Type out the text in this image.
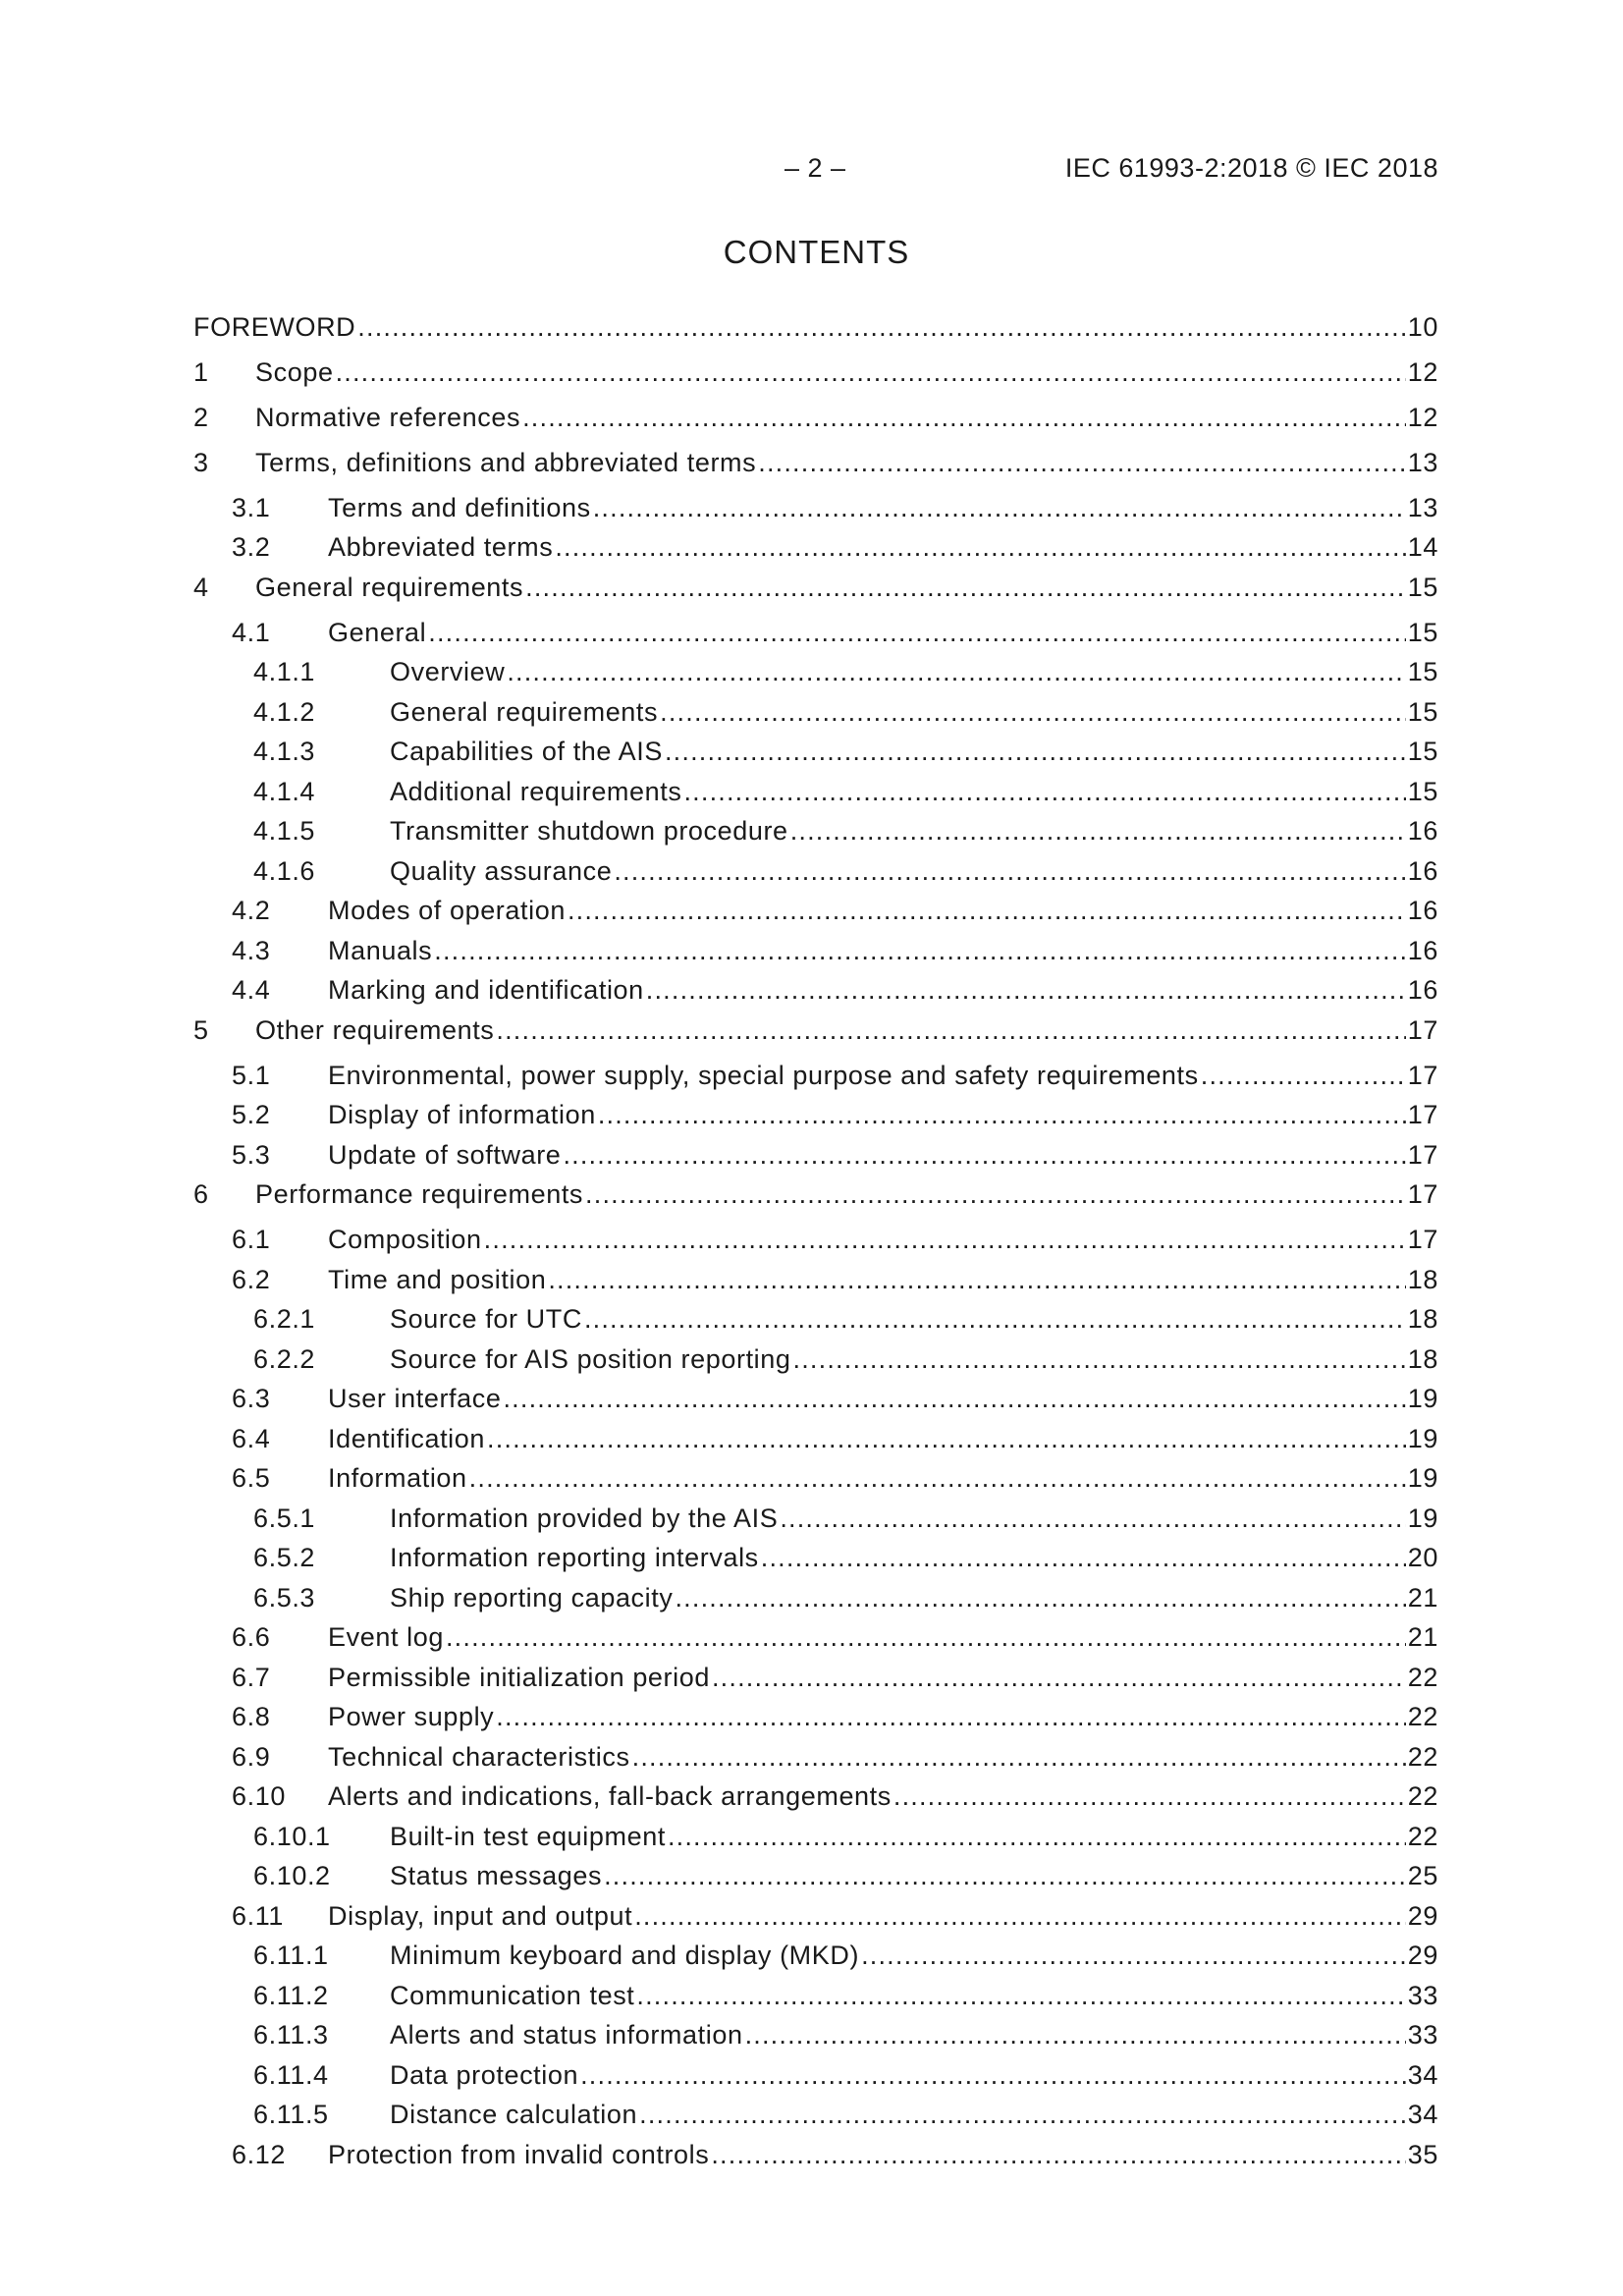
– 2 –	IEC 61993-2:2018 © IEC 2018
CONTENTS
FOREWORD .....	10
1 Scope .....	12
2 Normative references .....	12
3 Terms, definitions and abbreviated terms .....	13
3.1 Terms and definitions .....	13
3.2 Abbreviated terms .....	14
4 General requirements .....	15
4.1 General .....	15
4.1.1	Overview .....	15
4.1.2	General requirements .....	15
4.1.3	Capabilities of the AIS .....	15
4.1.4	Additional requirements .....	15
4.1.5	Transmitter shutdown procedure .....	16
4.1.6	Quality assurance .....	16
4.2 Modes of operation .....	16
4.3 Manuals .....	16
4.4 Marking and identification .....	16
5 Other requirements .....	17
5.1 Environmental, power supply, special purpose and safety requirements .....	17
5.2 Display of information .....	17
5.3 Update of software .....	17
6 Performance requirements .....	17
6.1 Composition .....	17
6.2 Time and position .....	18
6.2.1	Source for UTC .....	18
6.2.2	Source for AIS position reporting .....	18
6.3 User interface .....	19
6.4 Identification .....	19
6.5 Information .....	19
6.5.1	Information provided by the AIS .....	19
6.5.2	Information reporting intervals .....	20
6.5.3	Ship reporting capacity .....	21
6.6 Event log .....	21
6.7 Permissible initialization period .....	22
6.8 Power supply .....	22
6.9 Technical characteristics .....	22
6.10 Alerts and indications, fall-back arrangements .....	22
6.10.1 Built-in test equipment .....	22
6.10.2 Status messages .....	25
6.11 Display, input and output .....	29
6.11.1 Minimum keyboard and display (MKD) .....	29
6.11.2 Communication test .....	33
6.11.3 Alerts and status information .....	33
6.11.4 Data protection .....	34
6.11.5 Distance calculation .....	34
6.12 Protection from invalid controls .....	35
